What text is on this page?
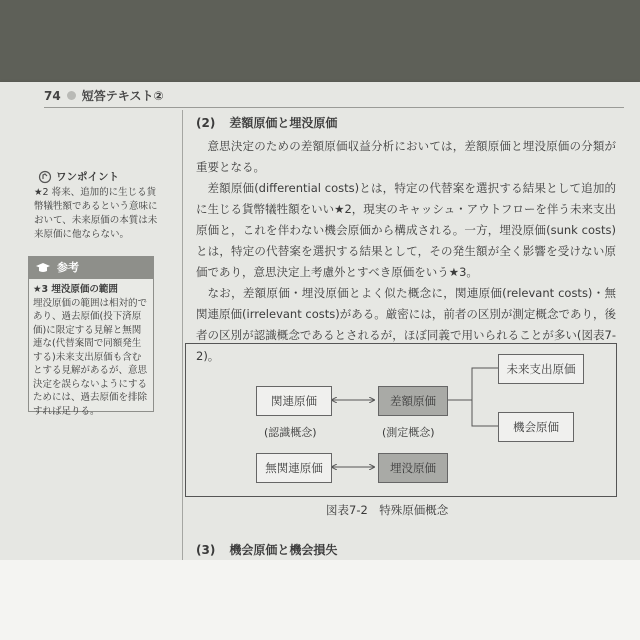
74 短答テキスト②
ワンポイント
★2 将来、追加的に生じる貨幣犠牲額であるという意味において、未来原価の本質は未来原価に他ならない。
参考
★3 埋没原価の範囲
埋没原価の範囲は相対的であり、過去原価(投下済原価)に限定する見解と無関連な(代替案間で同額発生する)未来支出原価も含むとする見解があるが、意思決定を誤らないようにするためには、過去原価を排除すれば足りる。
(2) 差額原価と埋没原価

意思決定のための差額原価収益分析においては，差額原価と埋没原価の分類が重要となる。

差額原価(differential costs)とは，特定の代替案を選択する結果として追加的に生じる貨幣犠牲額をいい★2，現実のキャッシュ・アウトフローを伴う未来支出原価と，これを伴わない機会原価から構成される。一方，埋没原価(sunk costs)とは，特定の代替案を選択する結果として，その発生額が全く影響を受けない原価であり，意思決定上考慮外とすべき原価をいう★3。

なお，差額原価・埋没原価とよく似た概念に，関連原価(relevant costs)・無関連原価(irrelevant costs)がある。厳密には，前者の区別が測定概念であり，後者の区別が認識概念であるとされるが，ほぼ同義で用いられることが多い(図表7-2)。

関連原価	差額原価
未来支出原価
機会原価
(認識概念)	(測定概念)
無関連原価	埋没原価
図表7-2　特殊原価概念
(3) 機会原価と機会損失
